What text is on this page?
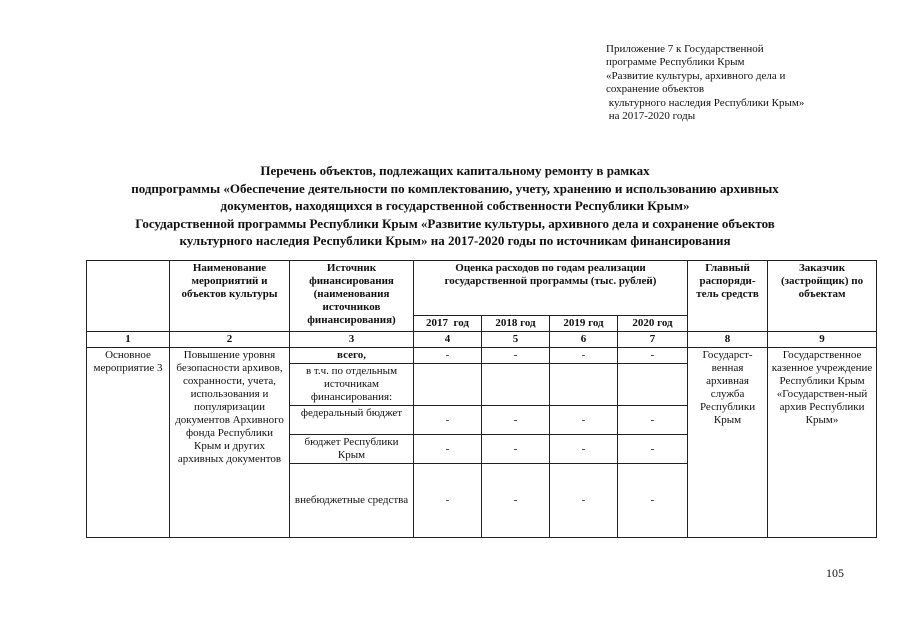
Приложение 7 к Государственной
программе Республики Крым
«Развитие культуры, архивного дела и
сохранение объектов
культурного наследия Республики Крым»
на 2017-2020 годы
Перечень объектов, подлежащих капитальному ремонту в рамках
подпрограммы «Обеспечение деятельности по комплектованию, учету, хранению и использованию архивных
документов, находящихся в государственной собственности Республики Крым»
Государственной программы Республики Крым «Развитие культуры, архивного дела и сохранение объектов
культурного наследия Республики Крым» на 2017-2020 годы по источникам финансирования
	Наименование мероприятий и объектов культуры	Источник финансирования (наименования источников финансирования)	Оценка расходов по годам реализации государственной программы (тыс. рублей)				Главный распоряди-тель средств	Заказчик (застройщик) по объектам
			2017  год	2018 год	2019 год	2020 год		
1	2	3	4	5	6	7	8	9
Основное мероприятие 3	Повышение уровня безопасности архивов, сохранности, учета, использования и популяризации документов Архивного фонда Республики Крым и других архивных документов	всего,	-	-	-	-	Государст-венная архивная служба Республики Крым	Государственное казенное учреждение Республики Крым «Государствен-ный архив Республики Крым»
		в т.ч. по отдельным источникам финансирования:						
		федеральный бюджет	-	-	-	-		
		бюджет Республики Крым	-	-	-	-		
		внебюджетные средства	-	-	-	-		
105
